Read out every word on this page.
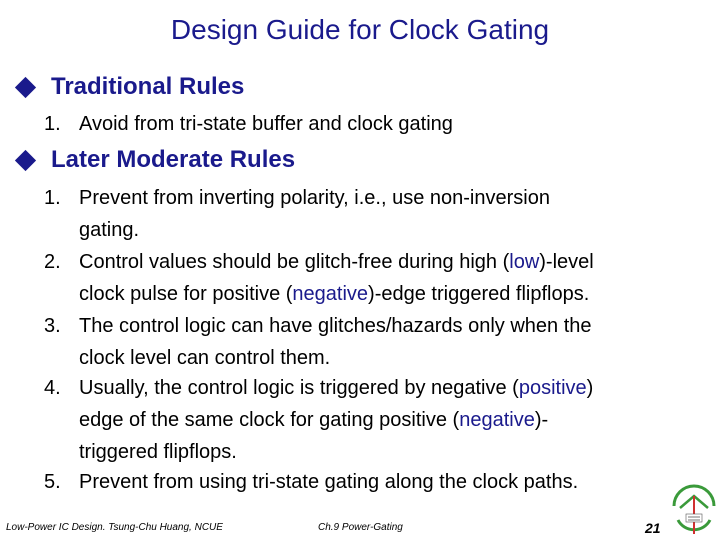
Design Guide for Clock Gating
Traditional Rules
1. Avoid from tri-state buffer and clock gating
Later Moderate Rules
1. Prevent from inverting polarity, i.e., use non-inversion
gating.
2. Control values should be glitch-free during high (low)-level
clock pulse for positive (negative)-edge triggered flipflops.
3. The control logic can have glitches/hazards only when the
clock level can control them.
4. Usually, the control logic is triggered by negative (positive)
edge of the same clock for gating positive (negative)-
triggered flipflops.
5. Prevent from using tri-state gating along the clock paths.
Low-Power IC Design. Tsung-Chu Huang, NCUE	Ch.9 Power-Gating	21
